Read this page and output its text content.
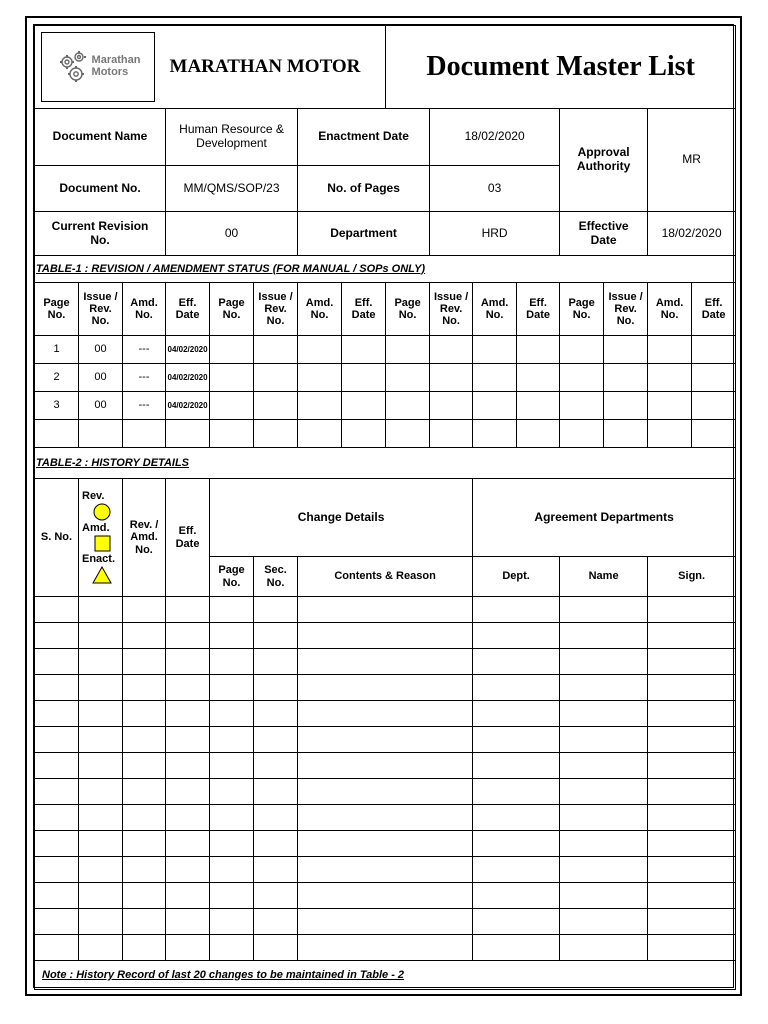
Marathan
Motors			MARATHAN MOTOR					Document Master List							
Document Name			Human Resource & Development			Enactment Date			18/02/2020			Approval Authority		MR	
Document No.			MM/QMS/SOP/23			No. of Pages			03						
Current Revision No.			00			Department			HRD			Effective Date		18/02/2020	
TABLE-1 : REVISION / AMENDMENT STATUS (FOR MANUAL / SOPs ONLY)															
Page No.	Issue / Rev. No.	Amd. No.	Eff. Date	Page No.	Issue / Rev. No.	Amd. No.	Eff. Date	Page No.	Issue / Rev. No.	Amd. No.	Eff. Date	Page No.	Issue / Rev. No.	Amd. No.	Eff. Date
1	00	---	04/02/2020												
2	00	---	04/02/2020												
3	00	---	04/02/2020												

TABLE-2 : HISTORY DETAILS															
S. No.	Rev.
Amd.
Enact.	Rev. / Amd. No.	Eff. Date	Change Details						Agreement Departments					
				Page No.	Sec. No.	Contents & Reason				Dept.		Name		Sign.	

Note : History Record of last 20 changes to be maintained in Table - 2															
